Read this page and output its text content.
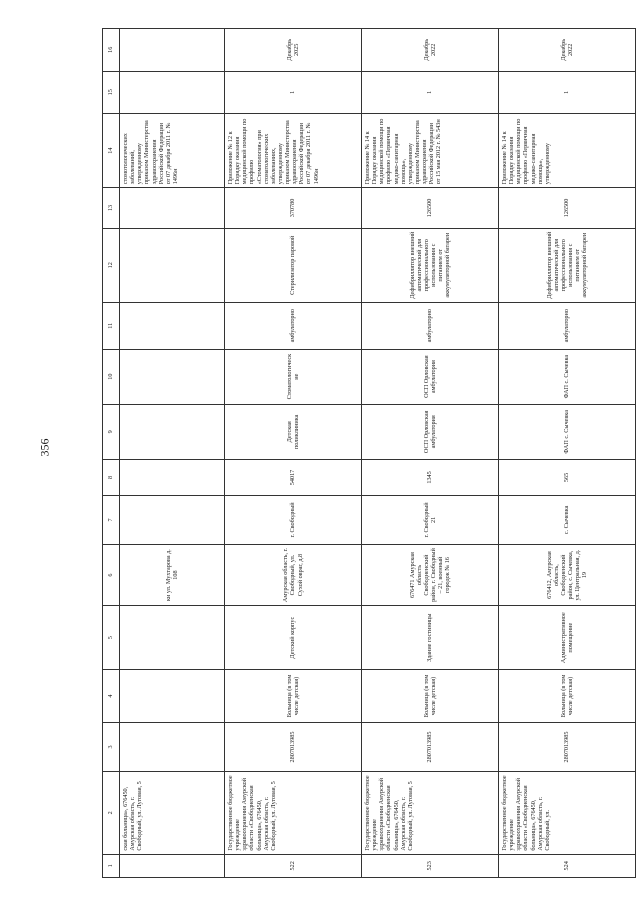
356
1	2	3	4	5	6	7	8	9	10	11	12	13	14	15	16
	ская больница», 676450, Амурская область, г. Свободный, ул. Луговая, 5				ки ул. Мухтарова д. 108								стомотологических заболеваний, утвержденному приказом Министерства здравоохранения Российской Федерации от 07 декабря 2011 г. № 1496н		
522	Государственное бюджетное учреждение здравоохранения Амурской области «Свободненская больница», 676450, Амурская область, г. Свободный, ул. Луговая, 5	2807013985	Больница (в том числе детская)	Детский корпус	Амурская область, г. Свободный, ул. Сухой овраг, д.8	г. Свободный	54017	Детская поликлиника	Стоматологические	амбулаторно	Стерилизатор паровой	370780	Приложение № 12 к Порядку оказания медицинской помощи по профилю «Стоматология» при стоматологических заболеваниях, утвержденному приказом Министерства здравоохранения Российской Федерации от 07 декабря 2011 г. № 1496н	1	Декабрь 2025
523	Государственное бюджетное учреждение здравоохранения Амурской области «Свободненская больница», 676450, Амурская область, г. Свободный, ул. Луговая, 5	2807013985	Больница (в том числе детская)	Здание гостиницы	676471 Амурская область Свободненский район, г. Свободный – 21, военный городок № 16	г. Свободный 21	1345	ОСП Орловская амбулатория	ОСП Орловская амбулатория	амбулаторно	Дефибриллятор внешний автоматический для профессионального использования с питанием от аккумуляторной батареи	126500	Приложение № 14 к Порядку оказания медицинской помощи по профилю «Первичная медико-санитарная помощь», утвержденному приказом Министерства здравоохранения Российской Федерации от 15 мая 2012 г. № 543н	1	Декабрь 2022
524	Государственное бюджетное учреждение здравоохранения Амурской области «Свободненская больница», 676450, Амурская область, г. Свободный, ул.	2807013985	Больница (в том числе детская)	Административное помещение	676412, Амурская область, Свободненский район, с. Сычевка, ул. Центральная, д. 19	с. Сычевка	565	ФАП с. Сычевка	ФАП с. Сычевка	амбулаторно	Дефибриллятор внешний автоматический для профессионального использования с питанием от аккумуляторной батареи	126500	Приложение № 14 к Порядку оказания медицинской помощи по профилю «Первичная медико-санитарная помощь», утвержденному	1	Декабрь 2022
